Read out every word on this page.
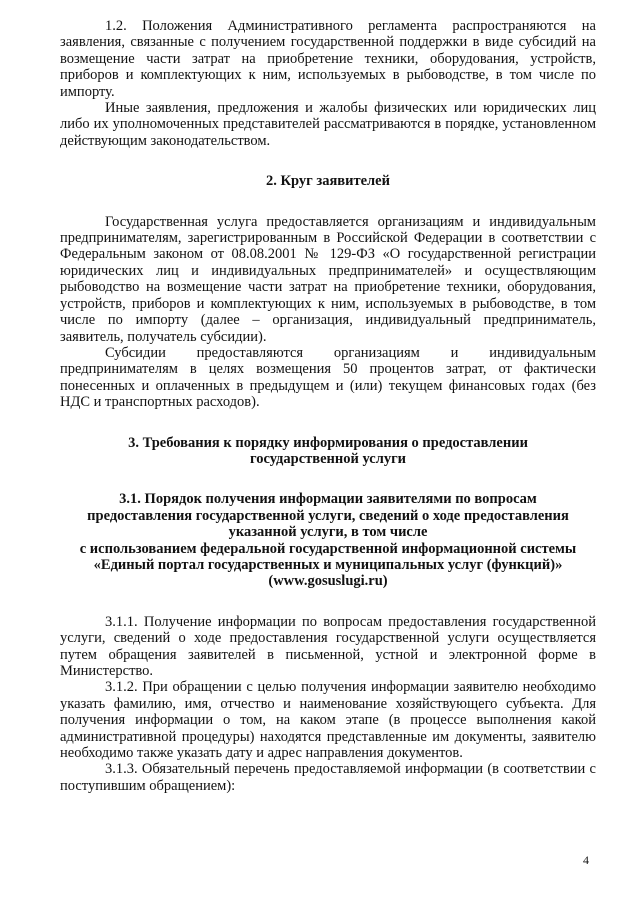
1.2. Положения Административного регламента распространяются на заявления, связанные с получением государственной поддержки в виде субсидий на возмещение части затрат на приобретение техники, оборудования, устройств, приборов и комплектующих к ним, используемых в рыбоводстве, в том числе по импорту.

Иные заявления, предложения и жалобы физических или юридических лиц либо их уполномоченных представителей рассматриваются в порядке, установленном действующим законодательством.

2. Круг заявителей

Государственная услуга предоставляется организациям и индивидуальным предпринимателям, зарегистрированным в Российской Федерации в соответствии с Федеральным законом от 08.08.2001 № 129-ФЗ «О государственной регистрации юридических лиц и индивидуальных предпринимателей» и осуществляющим рыбоводство на возмещение части затрат на приобретение техники, оборудования, устройств, приборов и комплектующих к ним, используемых в рыбоводстве, в том числе по импорту (далее – организация, индивидуальный предприниматель, заявитель, получатель субсидии).

Субсидии предоставляются организациям и индивидуальным предпринимателям в целях возмещения 50 процентов затрат, от фактически понесенных и оплаченных в предыдущем и (или) текущем финансовых годах (без НДС и транспортных расходов).

3. Требования к порядку информирования о предоставлении
государственной услуги
3.1. Порядок получения информации заявителями по вопросам
предоставления государственной услуги, сведений о ходе предоставления
указанной услуги, в том числе
с использованием федеральной государственной информационной системы
«Единый портал государственных и муниципальных услуг (функций)»
(www.gosuslugi.ru)

3.1.1. Получение информации по вопросам предоставления государственной услуги, сведений о ходе предоставления государственной услуги осуществляется путем обращения заявителей в письменной, устной и электронной форме в Министерство.

3.1.2. При обращении с целью получения информации заявителю необходимо указать фамилию, имя, отчество и наименование хозяйствующего субъекта. Для получения информации о том, на каком этапе (в процессе выполнения какой административной процедуры) находятся представленные им документы, заявителю необходимо также указать дату и адрес направления документов.

3.1.3. Обязательный перечень предоставляемой информации (в соответствии с поступившим обращением):

4
